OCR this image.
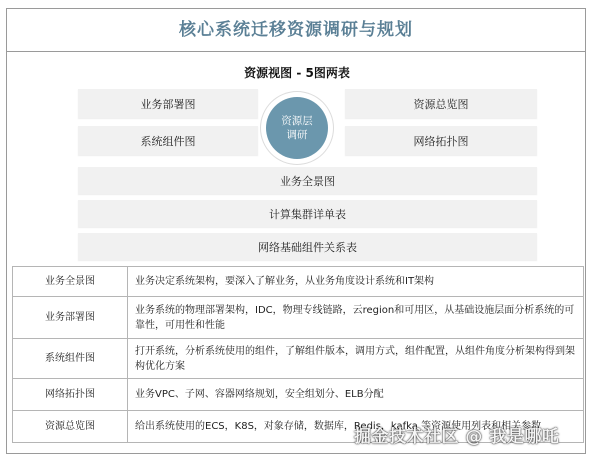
核心系统迁移资源调研与规划
资源视图 - 5图两表
业务部署图	资源总览图
系统组件图	网络拓扑图
资源层调研
业务全景图
计算集群详单表
网络基础组件关系表
业务全景图	业务决定系统架构，要深入了解业务，从业务角度设计系统和IT架构
业务部署图	业务系统的物理部署架构，IDC，物理专线链路，云region和可用区，从基础设施层面分析系统的可靠性，可用性和性能
系统组件图	打开系统，分析系统使用的组件，了解组件版本，调用方式，组件配置，从组件角度分析架构得到架构优化方案
网络拓扑图	业务VPC、子网、容器网络规划，安全组划分、ELB分配
资源总览图	给出系统使用的ECS，K8S，对象存储，数据库，Redis，kafka 等资源使用列表和相关参数
掘金技术社区 @ 我是哪吒
